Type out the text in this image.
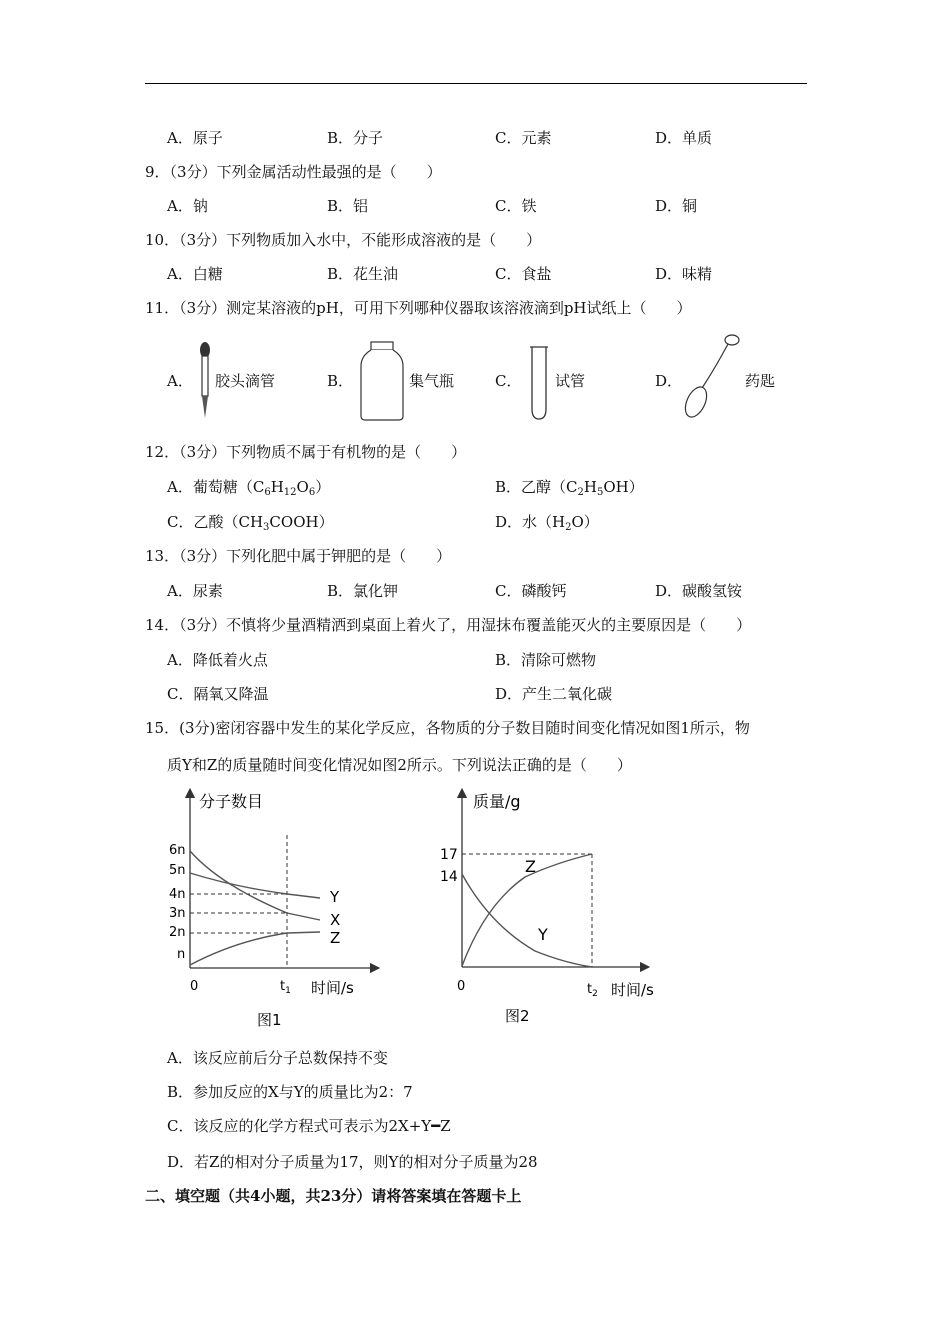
A．原子	B．分子	C．元素	D．单质
9．（3分）下列金属活动性最强的是（　　）
A．钠	B．铝	C．铁	D．铜
10．（3分）下列物质加入水中，不能形成溶液的是（　　）
A．白糖	B．花生油	C．食盐	D．味精
11．（3分）测定某溶液的pH，可用下列哪种仪器取该溶液滴到pH试纸上（　　）
A． 胶头滴管	B．	集气瓶	C． 试管	D．	药匙
12．（3分）下列物质不属于有机物的是（　　）
A．葡萄糖$(C_6H_{12}O_6)$	B．乙醇$(C_2H_5OH)$
C．乙酸$(CH_3COOH)$	D．水$(H_2O)$
13．（3分）下列化肥中属于钾肥的是（　　）
A．尿素	B．氯化钾	C．磷酸钙	D．碳酸氢铵
14．（3分）不慎将少量酒精洒到桌面上着火了，用湿抹布覆盖能灭火的主要原因是（　　）
A．降低着火点	B．清除可燃物
C．隔氧又降温	D．产生二氧化碳
15．(3分)密闭容器中发生的某化学反应，各物质的分子数目随时间变化情况如图1所示，物
质Y和Z的质量随时间变化情况如图2所示。下列说法正确的是（　　）
分子数目
时间/s
0	$t_1$
6n
5n
4n
3n
2n
n
Y
X
Z
图1
质量/g
时间/s
0	$t_2$
17
14
Z
Y
图2
A．该反应前后分子总数保持不变
B．参加反应的X与Y的质量比为2：7
C．该反应的化学方程式可表示为2X+Y━Z
D．若Z的相对分子质量为17，则Y的相对分子质量为28
二、填空题（共4小题，共23分）请将答案填在答题卡上
